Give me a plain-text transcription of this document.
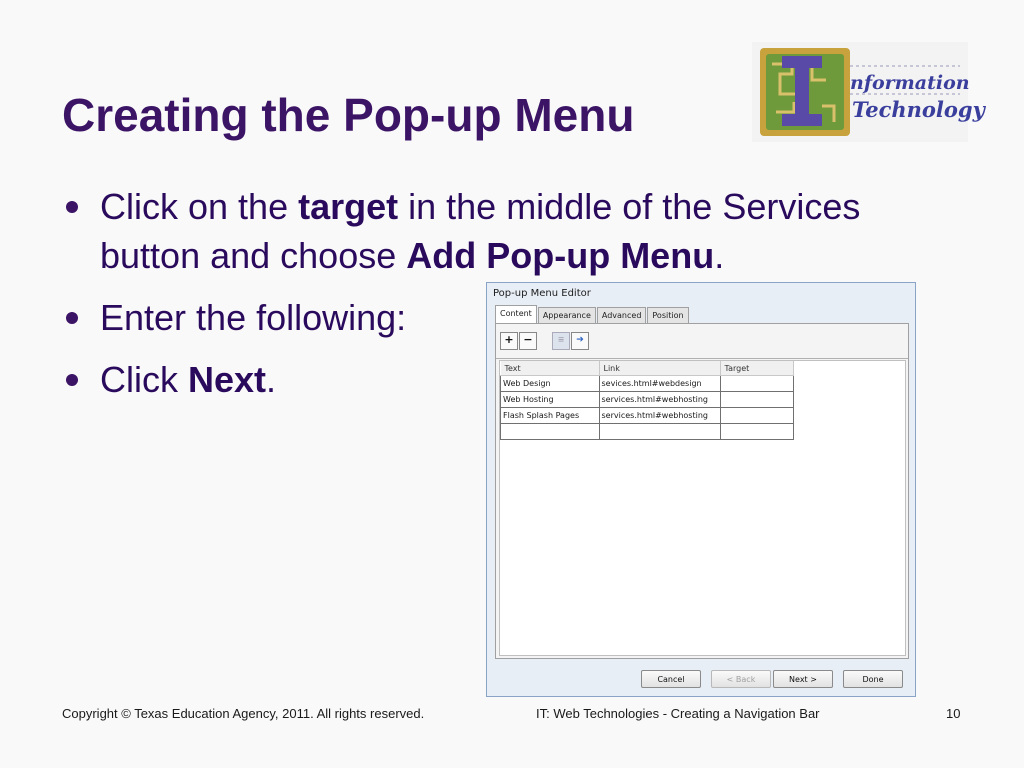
Creating the Pop-up Menu
nformation
Technology
Click on the target in the middle of the Services button and choose Add Pop-up Menu.
Enter the following:
Click Next.
Pop-up Menu Editor
Content	Appearance	Advanced	Position
+ −	≡	➔
Text	Link	Target
Web Design	sevices.html#webdesign	
Web Hosting	services.html#webhosting	
Flash Splash Pages	services.html#webhosting	

Cancel	< Back	Next >	Done
Copyright © Texas Education Agency, 2011. All rights reserved.	IT: Web Technologies - Creating a Navigation Bar	10
